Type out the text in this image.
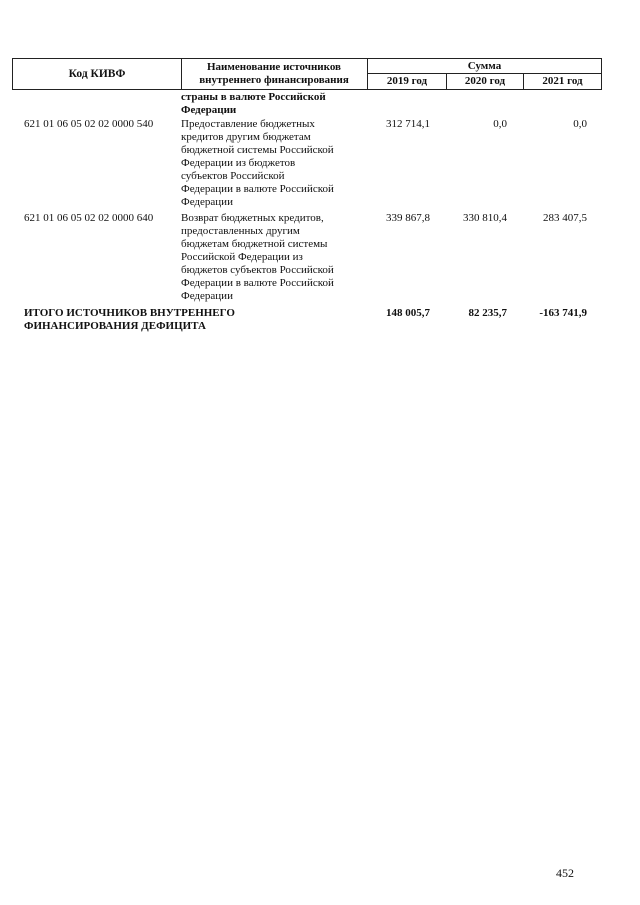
Код КИВФ
Наименование источников
внутреннего финансирования
Сумма
2019 год	2020 год	2021 год
страны в валюте Российской
Федерации
621 01 06 05 02 02 0000 540	Предоставление бюджетных
кредитов другим бюджетам
бюджетной системы Российской
Федерации из бюджетов
субъектов Российской
Федерации в валюте Российской
Федерации
312 714,1	0,0	0,0
621 01 06 05 02 02 0000 640	Возврат бюджетных кредитов,
предоставленных другим
бюджетам бюджетной системы
Российской Федерации из
бюджетов субъектов Российской
Федерации в валюте Российской
Федерации
339 867,8	330 810,4	283 407,5
ИТОГО ИСТОЧНИКОВ ВНУТРЕННЕГО
ФИНАНСИРОВАНИЯ ДЕФИЦИТА
148 005,7	82 235,7	-163 741,9
452
